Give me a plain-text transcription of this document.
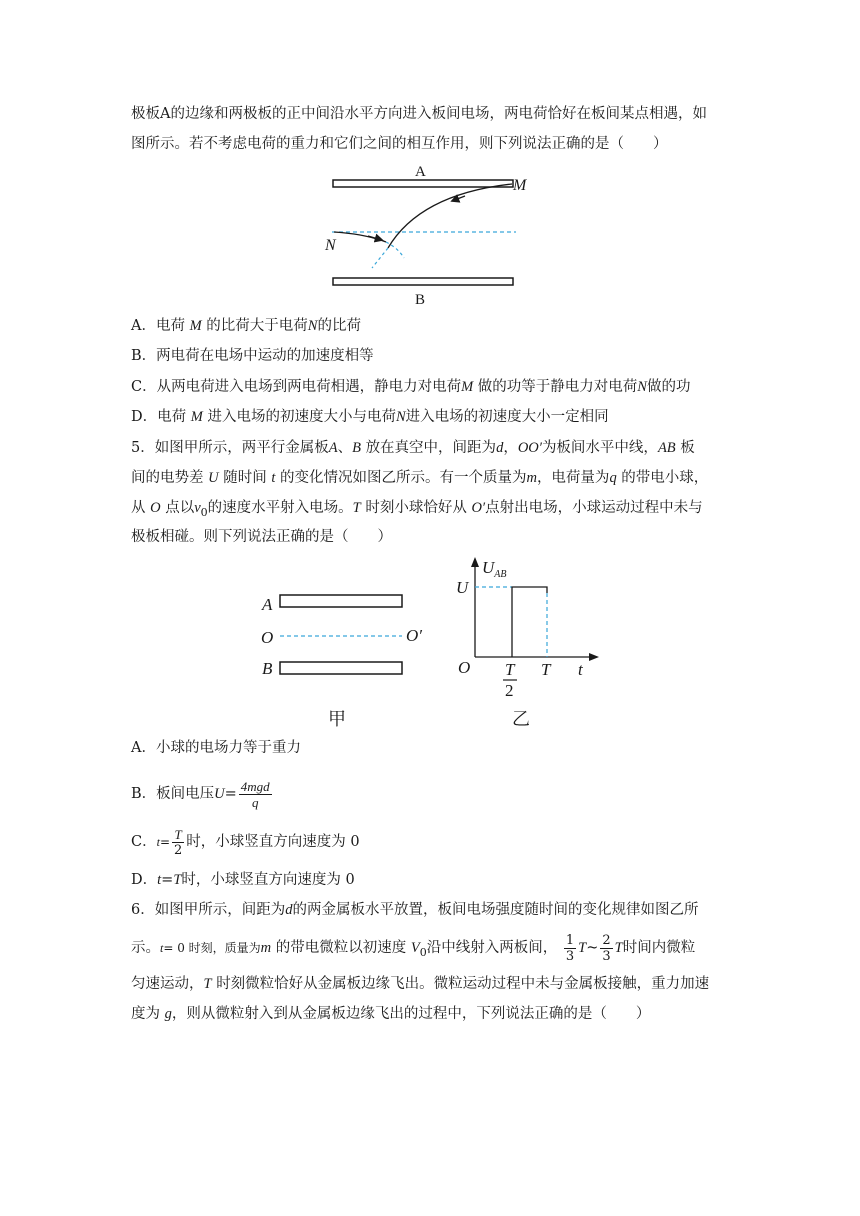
极板A的边缘和两极板的正中间沿水平方向进入板间电场，两电荷恰好在板间某点相遇，如
图所示。若不考虑电荷的重力和它们之间的相互作用，则下列说法正确的是（　　）
A
B
M
N
A．电荷 M 的比荷大于电荷N的比荷
B．两电荷在电场中运动的加速度相等
C．从两电荷进入电场到两电荷相遇，静电力对电荷M 做的功等于静电力对电荷N做的功
D．电荷 M 进入电场的初速度大小与电荷N进入电场的初速度大小一定相同
5．如图甲所示，两平行金属板A、B 放在真空中，间距为d，OO′为板间水平中线，AB 板
间的电势差 U 随时间 t 的变化情况如图乙所示。有一个质量为m，电荷量为q 的带电小球，
从 O 点以$v_0$的速度水平射入电场。T 时刻小球恰好从 O′点射出电场，小球运动过程中未与
极板相碰。则下列说法正确的是（　　）
A
O	O′
B
甲
$U_{AB}$
U
O T
2
T t
乙
A．小球的电场力等于重力
B．板间电压$U= \frac{\text{4mgd}}{q}$
C．$t= \frac{T}{2}$ 时，小球竖直方向速度为 0
D．t=T时，小球竖直方向速度为 0
6．如图甲所示，间距为d的两金属板水平放置，板间电场强度随时间的变化规律如图乙所
示。t= 0 时刻，质量为m 的带电微粒以初速度 $V_0$沿中线射入两板间， $\frac{1}{3}$ T~ $\frac{2}{3}$ T时间内微粒
匀速运动，T 时刻微粒恰好从金属板边缘飞出。微粒运动过程中未与金属板接触，重力加速
度为 g，则从微粒射入到从金属板边缘飞出的过程中，下列说法正确的是（　　）
